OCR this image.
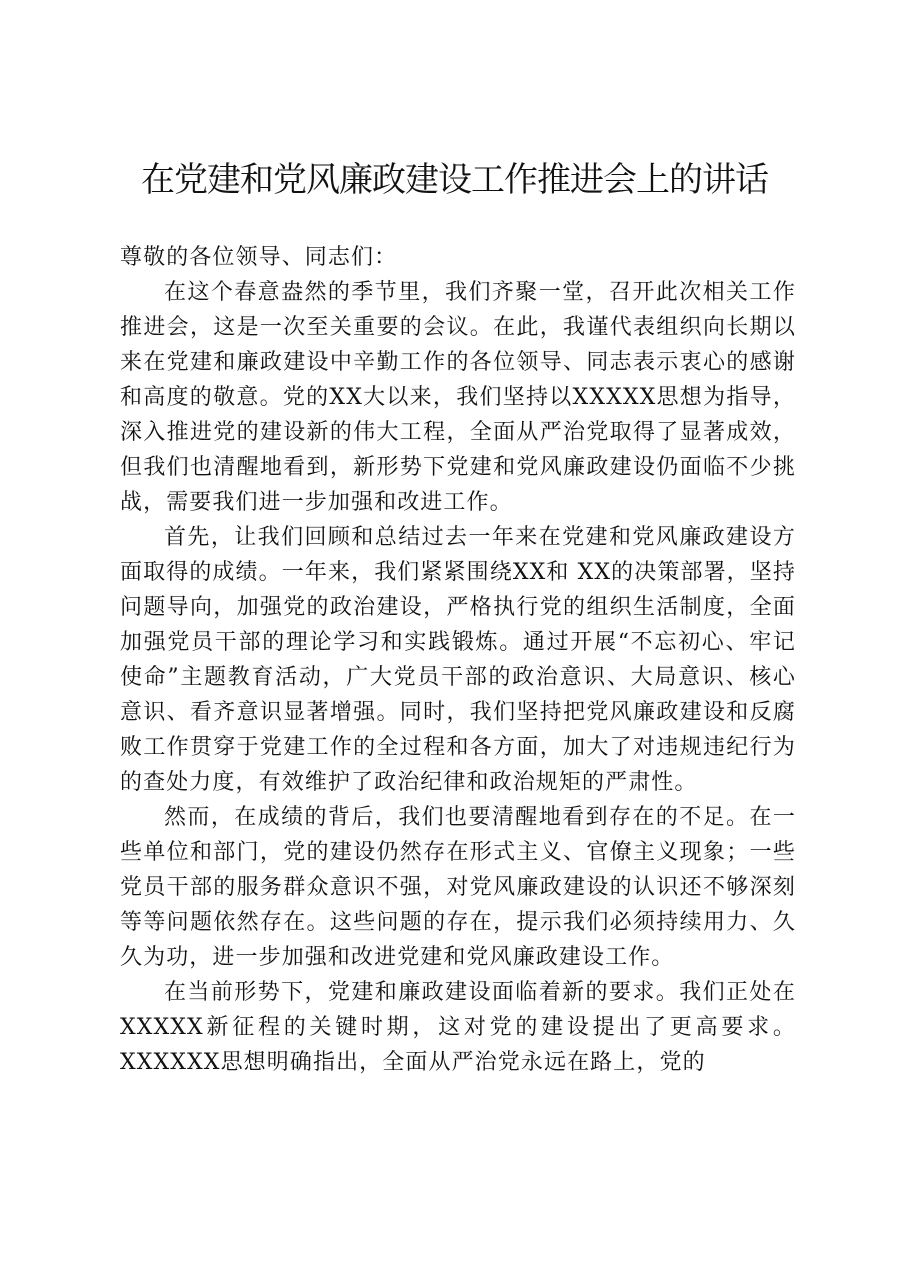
在党建和党风廉政建设工作推进会上的讲话

尊敬的各位领导、同志们：

在这个春意盎然的季节里，我们齐聚一堂，召开此次相关工作推进会，这是一次至关重要的会议。在此，我谨代表组织向长期以来在党建和廉政建设中辛勤工作的各位领导、同志表示衷心的感谢和高度的敬意。党的XX大以来，我们坚持以XXXXX思想为指导，深入推进党的建设新的伟大工程，全面从严治党取得了显著成效，但我们也清醒地看到，新形势下党建和党风廉政建设仍面临不少挑战，需要我们进一步加强和改进工作。

首先，让我们回顾和总结过去一年来在党建和党风廉政建设方面取得的成绩。一年来，我们紧紧围绕XX和 XX的决策部署，坚持问题导向，加强党的政治建设，严格执行党的组织生活制度，全面加强党员干部的理论学习和实践锻炼。通过开展“不忘初心、牢记使命”主题教育活动，广大党员干部的政治意识、大局意识、核心意识、看齐意识显著增强。同时，我们坚持把党风廉政建设和反腐败工作贯穿于党建工作的全过程和各方面，加大了对违规违纪行为的查处力度，有效维护了政治纪律和政治规矩的严肃性。

然而，在成绩的背后，我们也要清醒地看到存在的不足。在一些单位和部门，党的建设仍然存在形式主义、官僚主义现象；一些党员干部的服务群众意识不强，对党风廉政建设的认识还不够深刻等等问题依然存在。这些问题的存在，提示我们必须持续用力、久久为功，进一步加强和改进党建和党风廉政建设工作。

在当前形势下，党建和廉政建设面临着新的要求。我们正处在XXXXX新征程的关键时期，这对党的建设提出了更高要求。XXXXXX思想明确指出，全面从严治党永远在路上，党的
